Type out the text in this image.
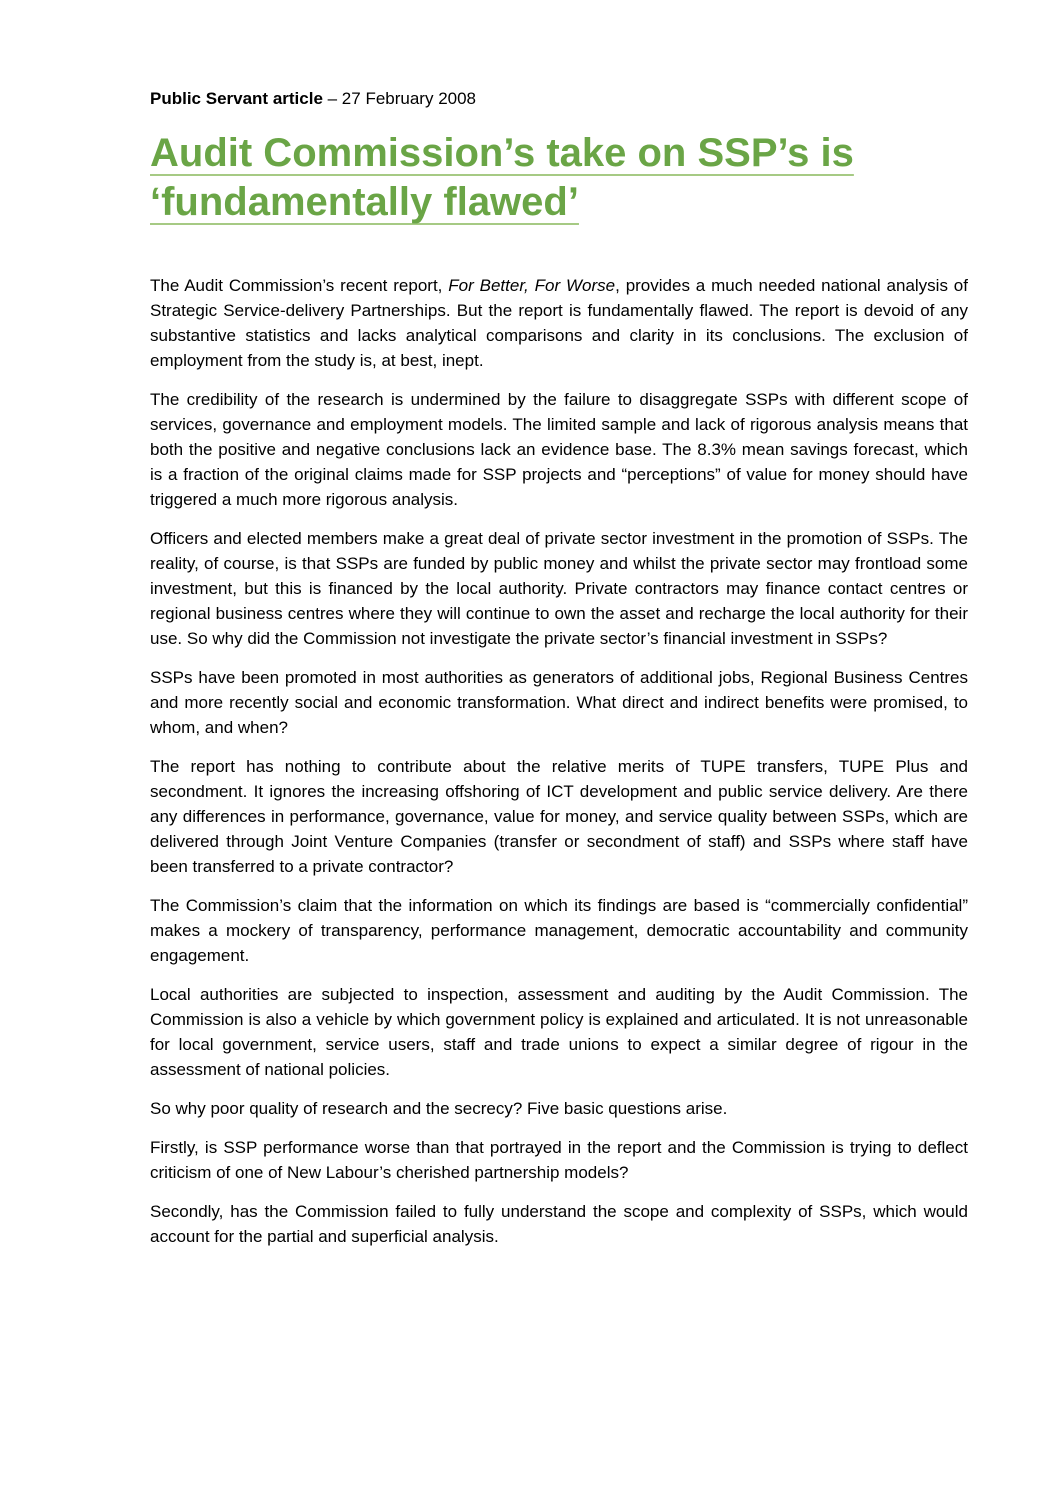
Public Servant article – 27 February 2008

Audit Commission’s take on SSP’s is
‘fundamentally flawed’

The Audit Commission’s recent report, For Better, For Worse, provides a much needed national analysis of Strategic Service-delivery Partnerships. But the report is fundamentally flawed. The report is devoid of any substantive statistics and lacks analytical comparisons and clarity in its conclusions. The exclusion of employment from the study is, at best, inept.

The credibility of the research is undermined by the failure to disaggregate SSPs with different scope of services, governance and employment models. The limited sample and lack of rigorous analysis means that both the positive and negative conclusions lack an evidence base. The 8.3% mean savings forecast, which is a fraction of the original claims made for SSP projects and “perceptions” of value for money should have triggered a much more rigorous analysis.

Officers and elected members make a great deal of private sector investment in the promotion of SSPs. The reality, of course, is that SSPs are funded by public money and whilst the private sector may frontload some investment, but this is financed by the local authority. Private contractors may finance contact centres or regional business centres where they will continue to own the asset and recharge the local authority for their use. So why did the Commission not investigate the private sector’s financial investment in SSPs?

SSPs have been promoted in most authorities as generators of additional jobs, Regional Business Centres and more recently social and economic transformation. What direct and indirect benefits were promised, to whom, and when?

The report has nothing to contribute about the relative merits of TUPE transfers, TUPE Plus and secondment. It ignores the increasing offshoring of ICT development and public service delivery. Are there any differences in performance, governance, value for money, and service quality between SSPs, which are delivered through Joint Venture Companies (transfer or secondment of staff) and SSPs where staff have been transferred to a private contractor?

The Commission’s claim that the information on which its findings are based is “commercially confidential” makes a mockery of transparency, performance management, democratic accountability and community engagement.

Local authorities are subjected to inspection, assessment and auditing by the Audit Commission. The Commission is also a vehicle by which government policy is explained and articulated. It is not unreasonable for local government, service users, staff and trade unions to expect a similar degree of rigour in the assessment of national policies.

So why poor quality of research and the secrecy? Five basic questions arise.

Firstly, is SSP performance worse than that portrayed in the report and the Commission is trying to deflect criticism of one of New Labour’s cherished partnership models?

Secondly, has the Commission failed to fully understand the scope and complexity of SSPs, which would account for the partial and superficial analysis.
